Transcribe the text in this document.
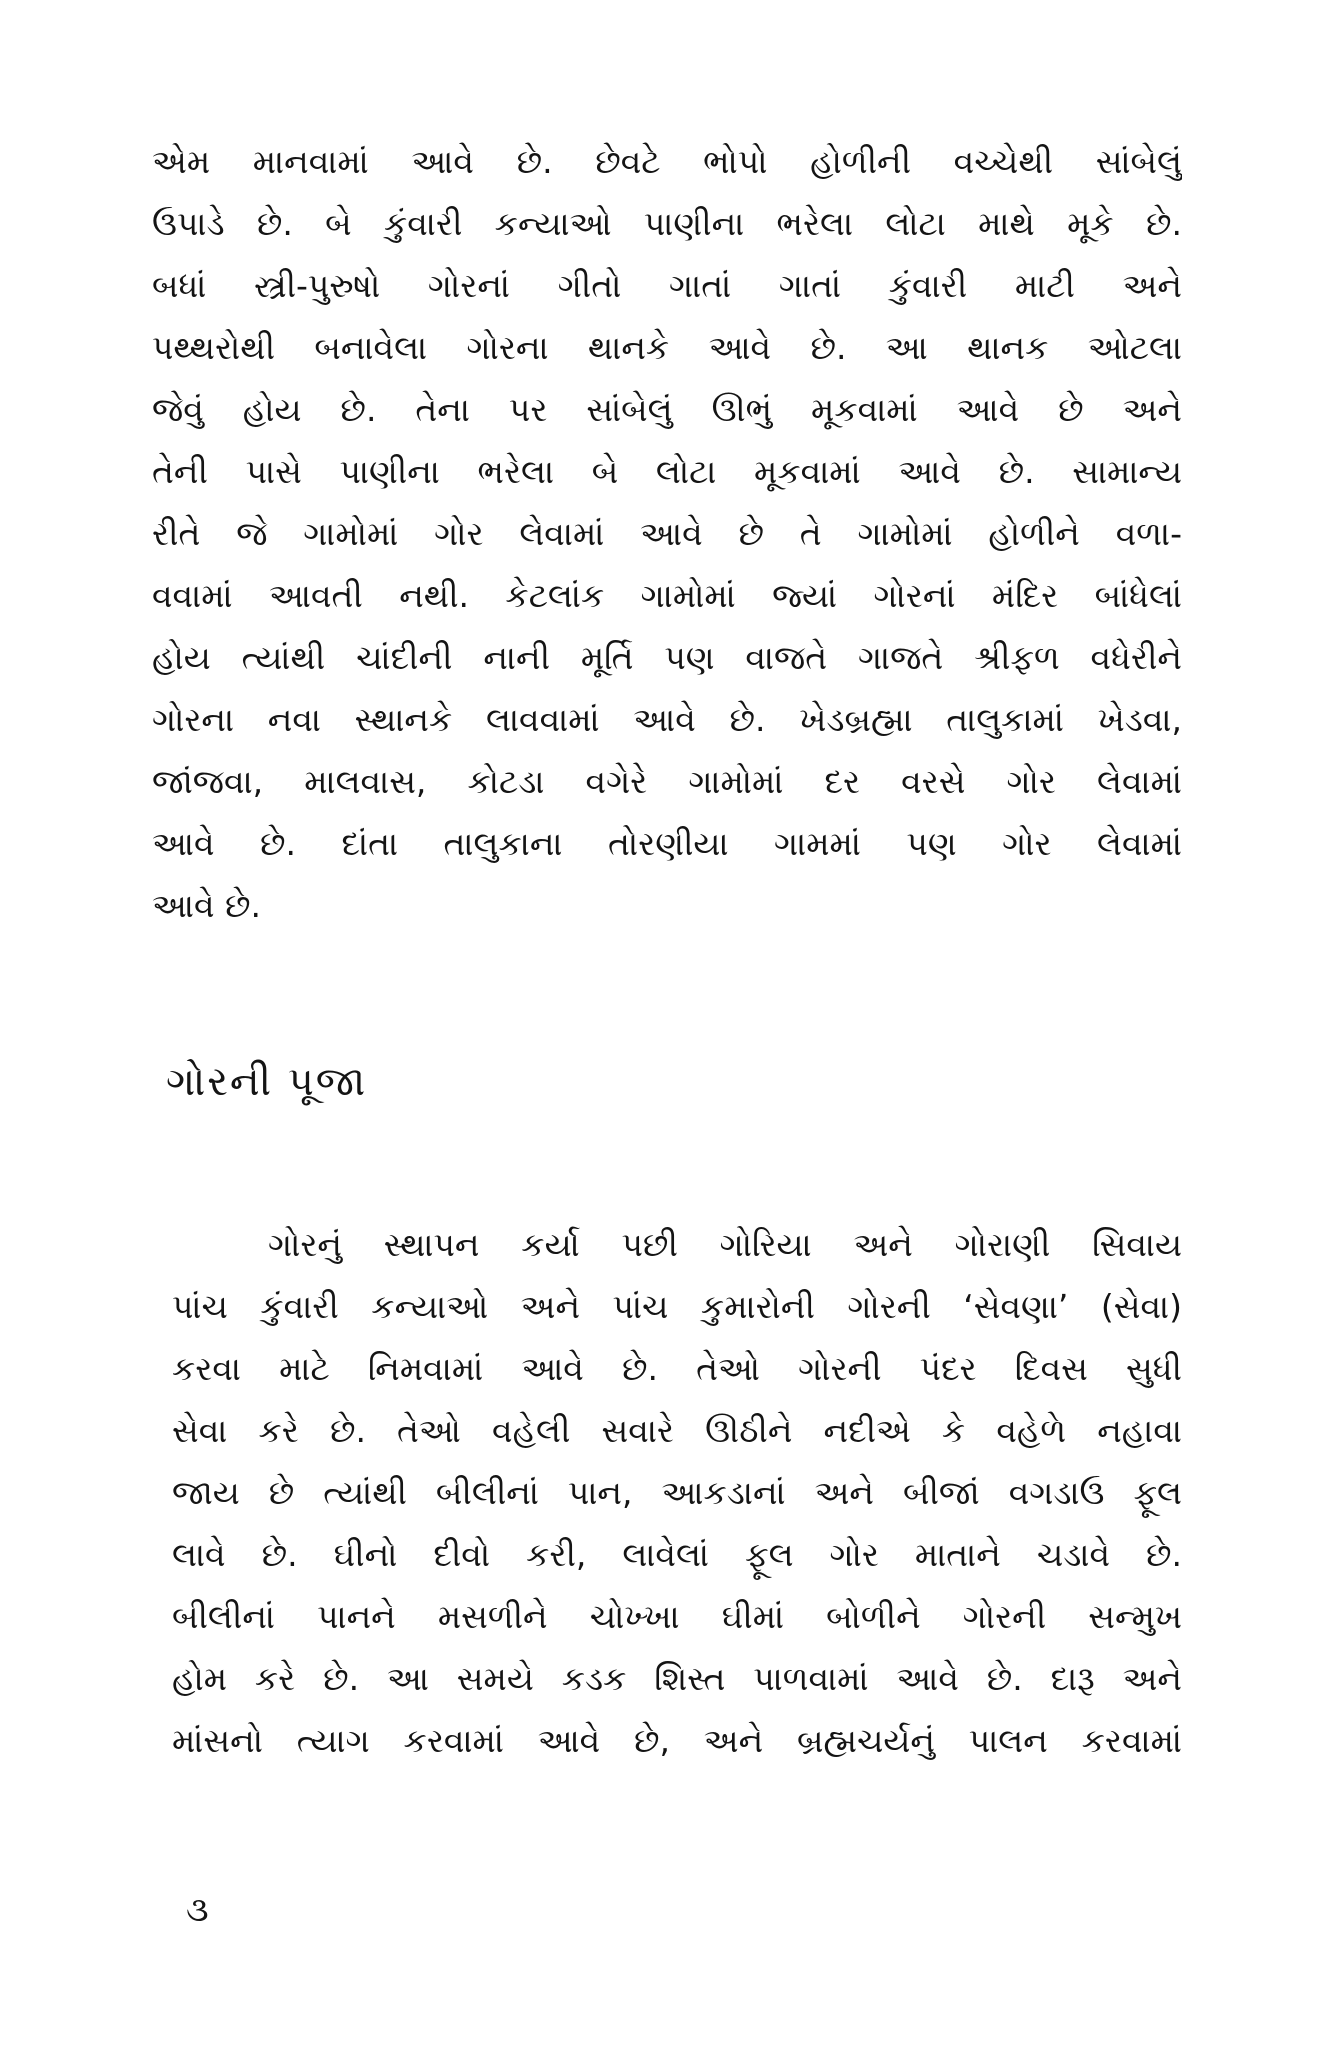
એમ માનવામાં આવે છે. છેવટે ભોપો હોળીની વચ્ચેથી સાંબેલું
ઉપાડે છે. બે કુંવારી કન્યાઓ પાણીના ભરેલા લોટા માથે મૂકે છે.
બધાં સ્ત્રી-પુરુષો ગોરનાં ગીતો ગાતાં ગાતાં કુંવારી માટી અને
પથ્થરોથી બનાવેલા ગોરના થાનકે આવે છે. આ થાનક ઓટલા
જેવું હોય છે. તેના પર સાંબેલું ઊભું મૂકવામાં આવે છે અને
તેની પાસે પાણીના ભરેલા બે લોટા મૂકવામાં આવે છે. સામાન્ય
રીતે જે ગામોમાં ગોર લેવામાં આવે છે તે ગામોમાં હોળીને વળા-
વવામાં આવતી નથી. કેટલાંક ગામોમાં જ્યાં ગોરનાં મંદિર બાંધેલાં
હોય ત્યાંથી ચાંદીની નાની મૂર્તિ પણ વાજતે ગાજતે શ્રીફળ વધેરીને
ગોરના નવા સ્થાનકે લાવવામાં આવે છે. ખેડબ્રહ્મા તાલુકામાં ખેડવા,
જાંજવા, માલવાસ, કોટડા વગેરે ગામોમાં દર વરસે ગોર લેવામાં
આવે છે. દાંતા તાલુકાના તોરણીયા ગામમાં પણ ગોર લેવામાં
આવે છે.
ગોરની પૂજા
ગોરનું સ્થાપન કર્યા પછી ગોરિયા અને ગોરાણી સિવાય
પાંચ કુંવારી કન્યાઓ અને પાંચ કુમારોની ગોરની ‘સેવણા’ (સેવા)
કરવા માટે નિમવામાં આવે છે. તેઓ ગોરની પંદર દિવસ સુધી
સેવા કરે છે. તેઓ વહેલી સવારે ઊઠીને નદીએ કે વહેળે નહાવા
જાય છે ત્યાંથી બીલીનાં પાન, આકડાનાં અને બીજાં વગડાઉ ફૂલ
લાવે છે. ઘીનો દીવો કરી, લાવેલાં ફૂલ ગોર માતાને ચડાવે છે.
બીલીનાં પાનને મસળીને ચોખ્ખા ઘીમાં બોળીને ગોરની સન્મુખ
હોમ કરે છે. આ સમયે કડક શિસ્ત પાળવામાં આવે છે. દારૂ અને
માંસનો ત્યાગ કરવામાં આવે છે, અને બ્રહ્મચર્યનું પાલન કરવામાં
૩
